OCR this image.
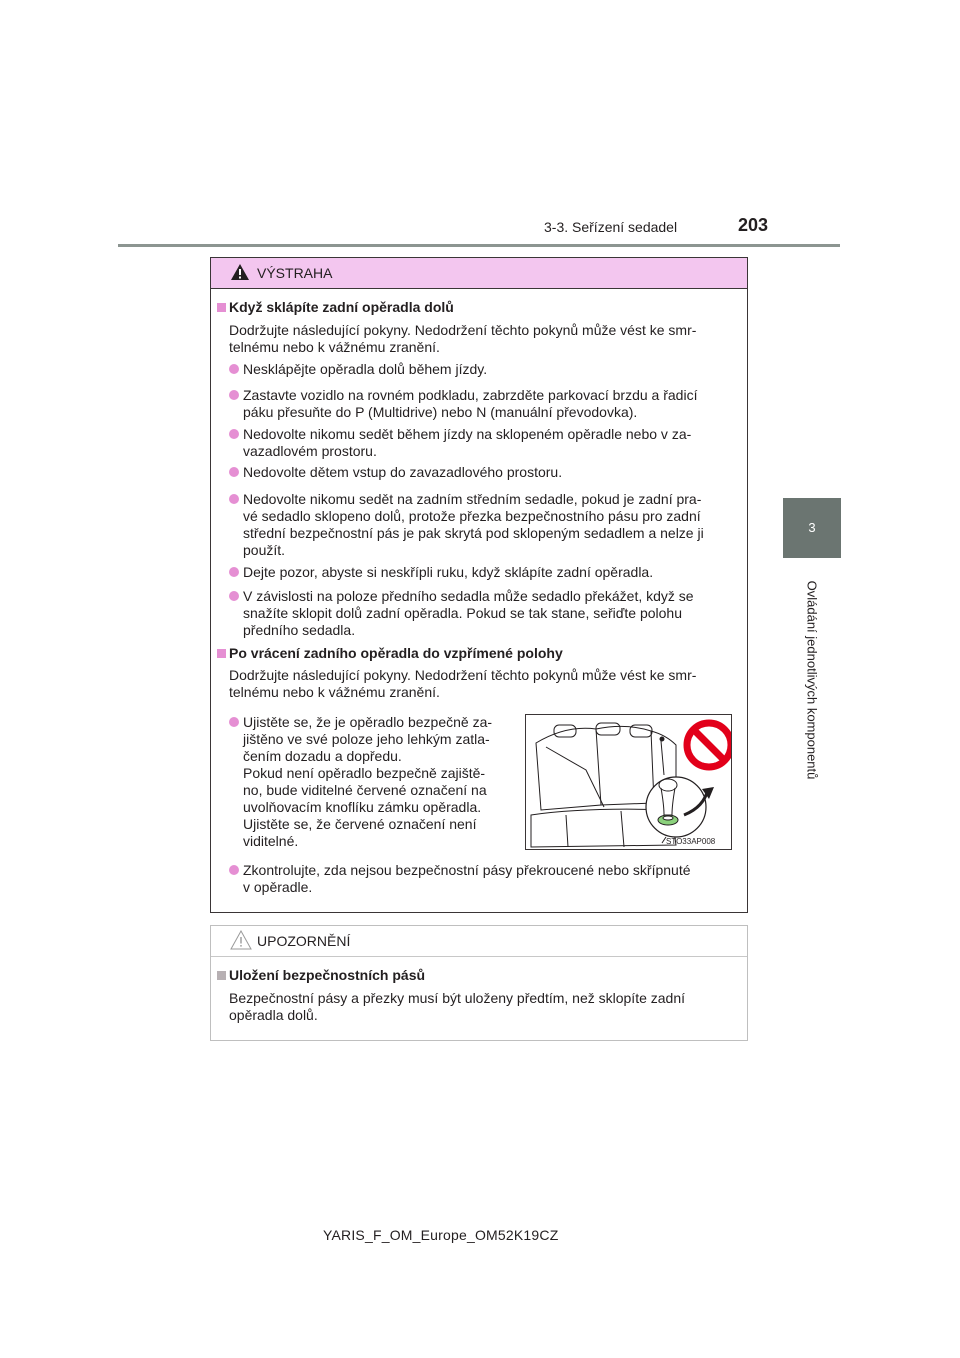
3-3. Seřízení sedadel	203
3
Ovládání jednotlivých komponentů
VÝSTRAHA
Když sklápíte zadní opěradla dolů
Dodržujte následující pokyny. Nedodržení těchto pokynů může vést ke smr-
telnému nebo k vážnému zranění.
Nesklápějte opěradla dolů během jízdy.
Zastavte vozidlo na rovném podkladu, zabrzděte parkovací brzdu a řadicí
páku přesuňte do P (Multidrive) nebo N (manuální převodovka).
Nedovolte nikomu sedět během jízdy na sklopeném opěradle nebo v za-
vazadlovém prostoru.
Nedovolte dětem vstup do zavazadlového prostoru.
Nedovolte nikomu sedět na zadním středním sedadle, pokud je zadní pra-
vé sedadlo sklopeno dolů, protože přezka bezpečnostního pásu pro zadní
střední bezpečnostní pás je pak skrytá pod sklopeným sedadlem a nelze ji
použít.
Dejte pozor, abyste si neskřípli ruku, když sklápíte zadní opěradla.
V závislosti na poloze předního sedadla může sedadlo překážet, když se
snažíte sklopit dolů zadní opěradla. Pokud se tak stane, seřiďte polohu
předního sedadla.
Po vrácení zadního opěradla do vzpřímené polohy
Dodržujte následující pokyny. Nedodržení těchto pokynů může vést ke smr-
telnému nebo k vážnému zranění.
Ujistěte se, že je opěradlo bezpečně za-
jištěno ve své poloze jeho lehkým zatla-
čením dozadu a dopředu.
Pokud není opěradlo bezpečně zajiště-
no, bude viditelné červené označení na
uvolňovacím knoflíku zámku opěradla.
Ujistěte se, že červené označení není
viditelné.	STO33AP008
Zkontrolujte, zda nejsou bezpečnostní pásy překroucené nebo skřípnuté
v opěradle.
UPOZORNĚNÍ
Uložení bezpečnostních pásů
Bezpečnostní pásy a přezky musí být uloženy předtím, než sklopíte zadní
opěradla dolů.
YARIS_F_OM_Europe_OM52K19CZ
